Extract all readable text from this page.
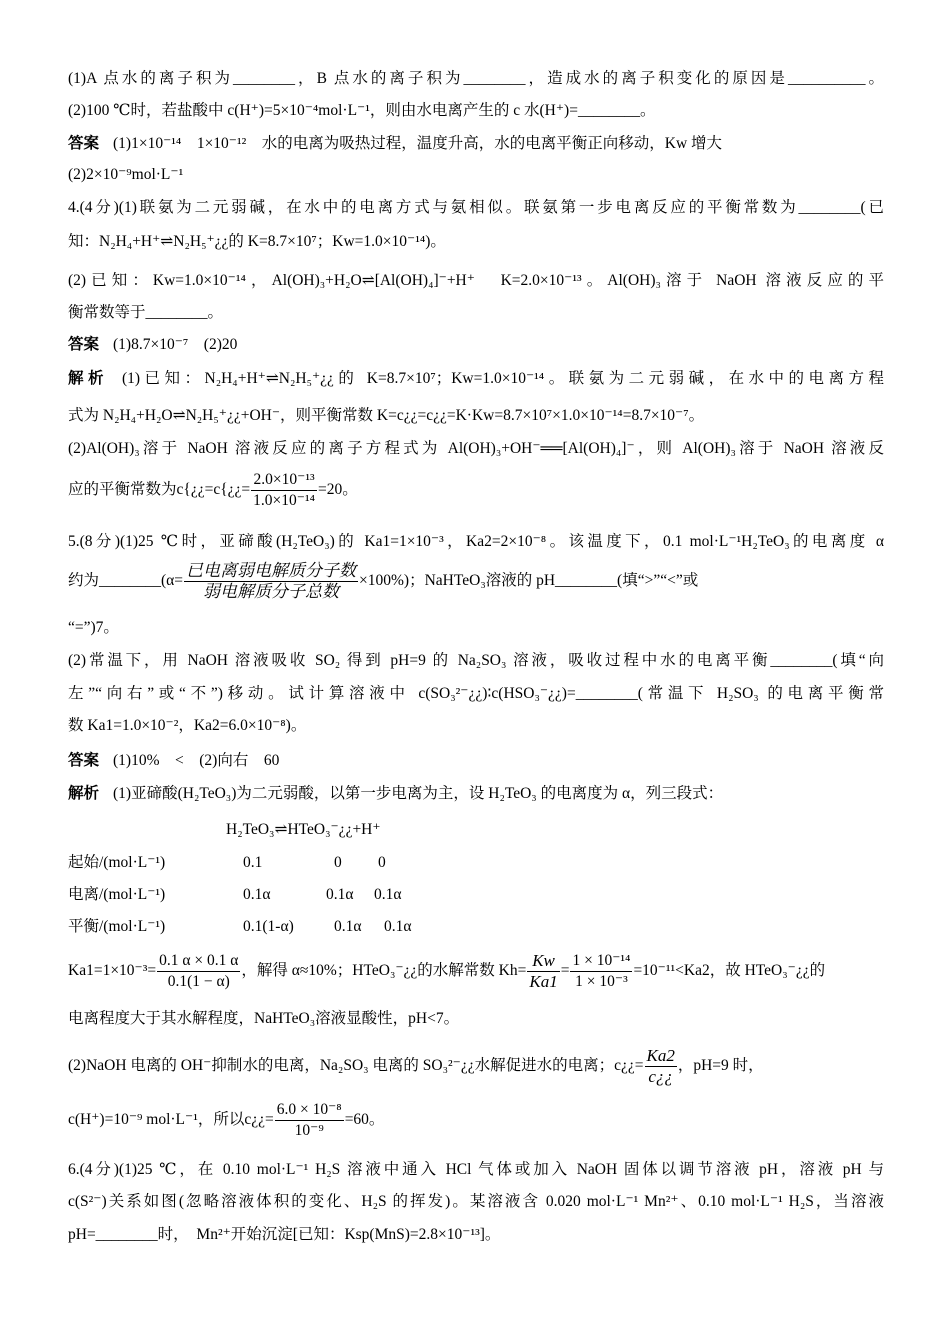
(1)A 点水的离子积为________，B 点水的离子积为________，造成水的离子积变化的原因是__________。
(2)100 ℃时，若盐酸中 c(H⁺)=5×10⁻⁴mol·L⁻¹，则由水电离产生的 c 水(H⁺)=________。
答案 (1)1×10⁻¹⁴　1×10⁻¹²　水的电离为吸热过程，温度升高，水的电离平衡正向移动，Kw 增大
(2)2×10⁻⁹mol·L⁻¹
4.(4分)(1)联氨为二元弱碱，在水中的电离方式与氨相似。联氨第一步电离反应的平衡常数为________(已
知：N₂H₄+H⁺⇌N₂H₅⁺¿¿的 K=8.7×10⁷；Kw=1.0×10⁻¹⁴)。
(2)已知：Kw=1.0×10⁻¹⁴，Al(OH)₃+H₂O⇌[Al(OH)₄]⁻+H⁺　K=2.0×10⁻¹³。Al(OH)₃溶于 NaOH 溶液反应的平
衡常数等于________。
答案 (1)8.7×10⁻⁷　(2)20
解析 (1)已知：N₂H₄+H⁺⇌N₂H₅⁺¿¿的 K=8.7×10⁷；Kw=1.0×10⁻¹⁴。联氨为二元弱碱，在水中的电离方程
式为 N₂H₄+H₂O⇌N₂H₅⁺¿¿+OH⁻，则平衡常数 K=c¿¿=c¿¿=K·Kw=8.7×10⁷×1.0×10⁻¹⁴=8.7×10⁻⁷。
(2)Al(OH)₃溶于 NaOH 溶液反应的离子方程式为 Al(OH)₃+OH⁻══[Al(OH)₄]⁻，则 Al(OH)₃溶于 NaOH 溶液反
应的平衡常数为c{¿¿=c{¿¿= $\frac{\text{2.0×10⁻¹³}}{\text{1.0×10⁻¹⁴}} =20$。
5.(8分)(1)25 ℃时，亚碲酸(H₂TeO₃)的 Ka1=1×10⁻³，Ka2=2×10⁻⁸。该温度下，0.1 mol·L⁻¹H₂TeO₃的电离度 α
约为________(α= $\frac{\text{已电离弱电解质分子数}}{\text{弱电解质分子总数}} \times 100\%$)；NaHTeO₃溶液的 pH________(填“>”“<”或
“=”)7。
(2)常温下，用 NaOH 溶液吸收 SO₂ 得到 pH=9 的 Na₂SO₃ 溶液，吸收过程中水的电离平衡________(填“向
左”“向右”或“不”)移动。试计算溶液中 c(SO₃²⁻¿¿)∶c(HSO₃⁻¿¿)=________(常温下 H₂SO₃ 的电离平衡常
数 Ka1=1.0×10⁻²，Ka2=6.0×10⁻⁸)。
答案 (1)10%　<　(2)向右　60
解析 (1)亚碲酸(H₂TeO₃)为二元弱酸，以第一步电离为主，设 H₂TeO₃ 的电离度为 α，列三段式：
H₂TeO₃⇌HTeO₃⁻¿¿+H⁺
起始/(mol·L⁻¹)	0.1	0 0
电离/(mol·L⁻¹)	0.1α	0.1α 0.1α
平衡/(mol·L⁻¹)	0.1(1-α)	0.1α 0.1α
$Ka1=1\times 10^{-3}= \frac{0.1 \alpha \times 0.1 \alpha}{0.1(1 - \alpha)}$ ，解得 α≈10%；HTeO₃⁻¿¿的水解常数 $Kh= \frac{Kw}{Ka1} = \frac{\text{1 × 10⁻¹⁴}}{\text{1 × 10⁻³}} =10^{-11}<Ka2$，故 HTeO₃⁻¿¿的
电离程度大于其水解程度，NaHTeO₃溶液显酸性，pH<7。
(2)NaOH 电离的 OH⁻抑制水的电离，Na₂SO₃ 电离的 SO₃²⁻¿¿水解促进水的电离；c¿¿= $\frac{Ka2}{c¿¿}$ ，pH=9 时，
c(H⁺)=10⁻⁹ mol·L⁻¹，所以c¿¿= $\frac{\text{6.0 × 10⁻⁸}}{\text{10⁻⁹}} =60$。
6.(4分)(1)25 ℃，在 0.10 mol·L⁻¹ H₂S 溶液中通入 HCl 气体或加入 NaOH 固体以调节溶液 pH，溶液 pH 与
c(S²⁻)关系如图(忽略溶液体积的变化、H₂S 的挥发)。某溶液含 0.020 mol·L⁻¹ Mn²⁺、0.10 mol·L⁻¹ H₂S，当溶液
pH=________时，　Mn²⁺开始沉淀[已知：Ksp(MnS)=2.8×10⁻¹³]。
